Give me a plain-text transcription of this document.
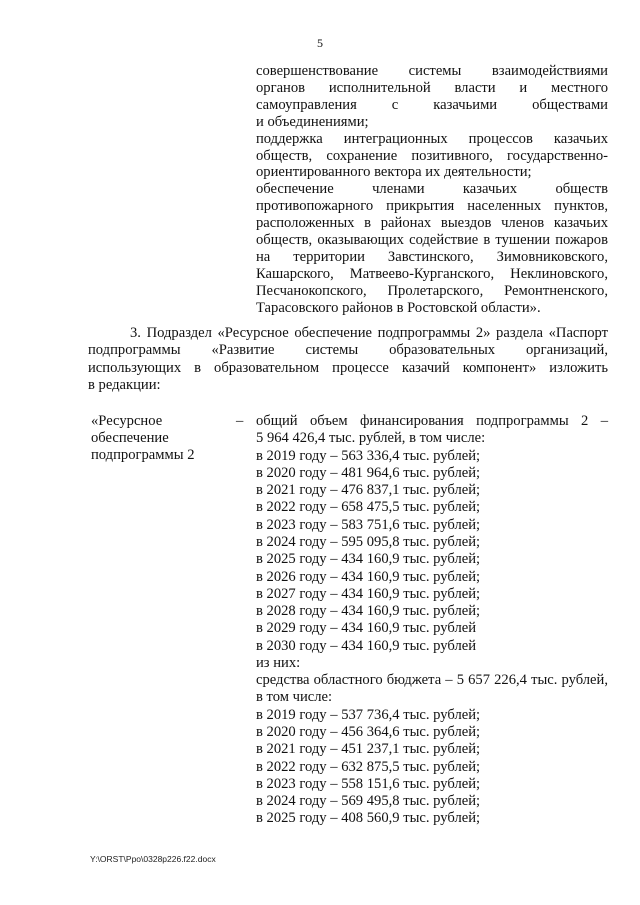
5
совершенствование системы взаимодействиями
органов исполнительной власти и местного
самоуправления с казачьими обществами
и объединениями;
поддержка интеграционных процессов казачьих
обществ, сохранение позитивного, государственно-
ориентированного вектора их деятельности;
обеспечение членами казачьих обществ
противопожарного прикрытия населенных пунктов,
расположенных в районах выездов членов казачьих
обществ, оказывающих содействие в тушении пожаров
на территории Завстинского, Зимовниковского,
Кашарского, Матвеево-Курганского, Неклиновского,
Песчанокопского, Пролетарского, Ремонтненского,
Тарасовского районов в Ростовской области».
3. Подраздел «Ресурсное обеспечение подпрограммы 2» раздела «Паспорт
подпрограммы «Развитие системы образовательных организаций,
использующих в образовательном процессе казачий компонент» изложить
в редакции:
«Ресурсное
обеспечение
подпрограммы 2
– общий объем финансирования подпрограммы 2 –
5 964 426,4 тыс. рублей, в том числе:
в 2019 году – 563 336,4 тыс. рублей;
в 2020 году – 481 964,6 тыс. рублей;
в 2021 году – 476 837,1 тыс. рублей;
в 2022 году – 658 475,5 тыс. рублей;
в 2023 году – 583 751,6 тыс. рублей;
в 2024 году – 595 095,8 тыс. рублей;
в 2025 году – 434 160,9 тыс. рублей;
в 2026 году – 434 160,9 тыс. рублей;
в 2027 году – 434 160,9 тыс. рублей;
в 2028 году – 434 160,9 тыс. рублей;
в 2029 году – 434 160,9 тыс. рублей
в 2030 году – 434 160,9 тыс. рублей
из них:
средства областного бюджета – 5 657 226,4 тыс. рублей,
в том числе:
в 2019 году – 537 736,4 тыс. рублей;
в 2020 году – 456 364,6 тыс. рублей;
в 2021 году – 451 237,1 тыс. рублей;
в 2022 году – 632 875,5 тыс. рублей;
в 2023 году – 558 151,6 тыс. рублей;
в 2024 году – 569 495,8 тыс. рублей;
в 2025 году – 408 560,9 тыс. рублей;
Y:\ORST\Ppo\0328p226.f22.docx
